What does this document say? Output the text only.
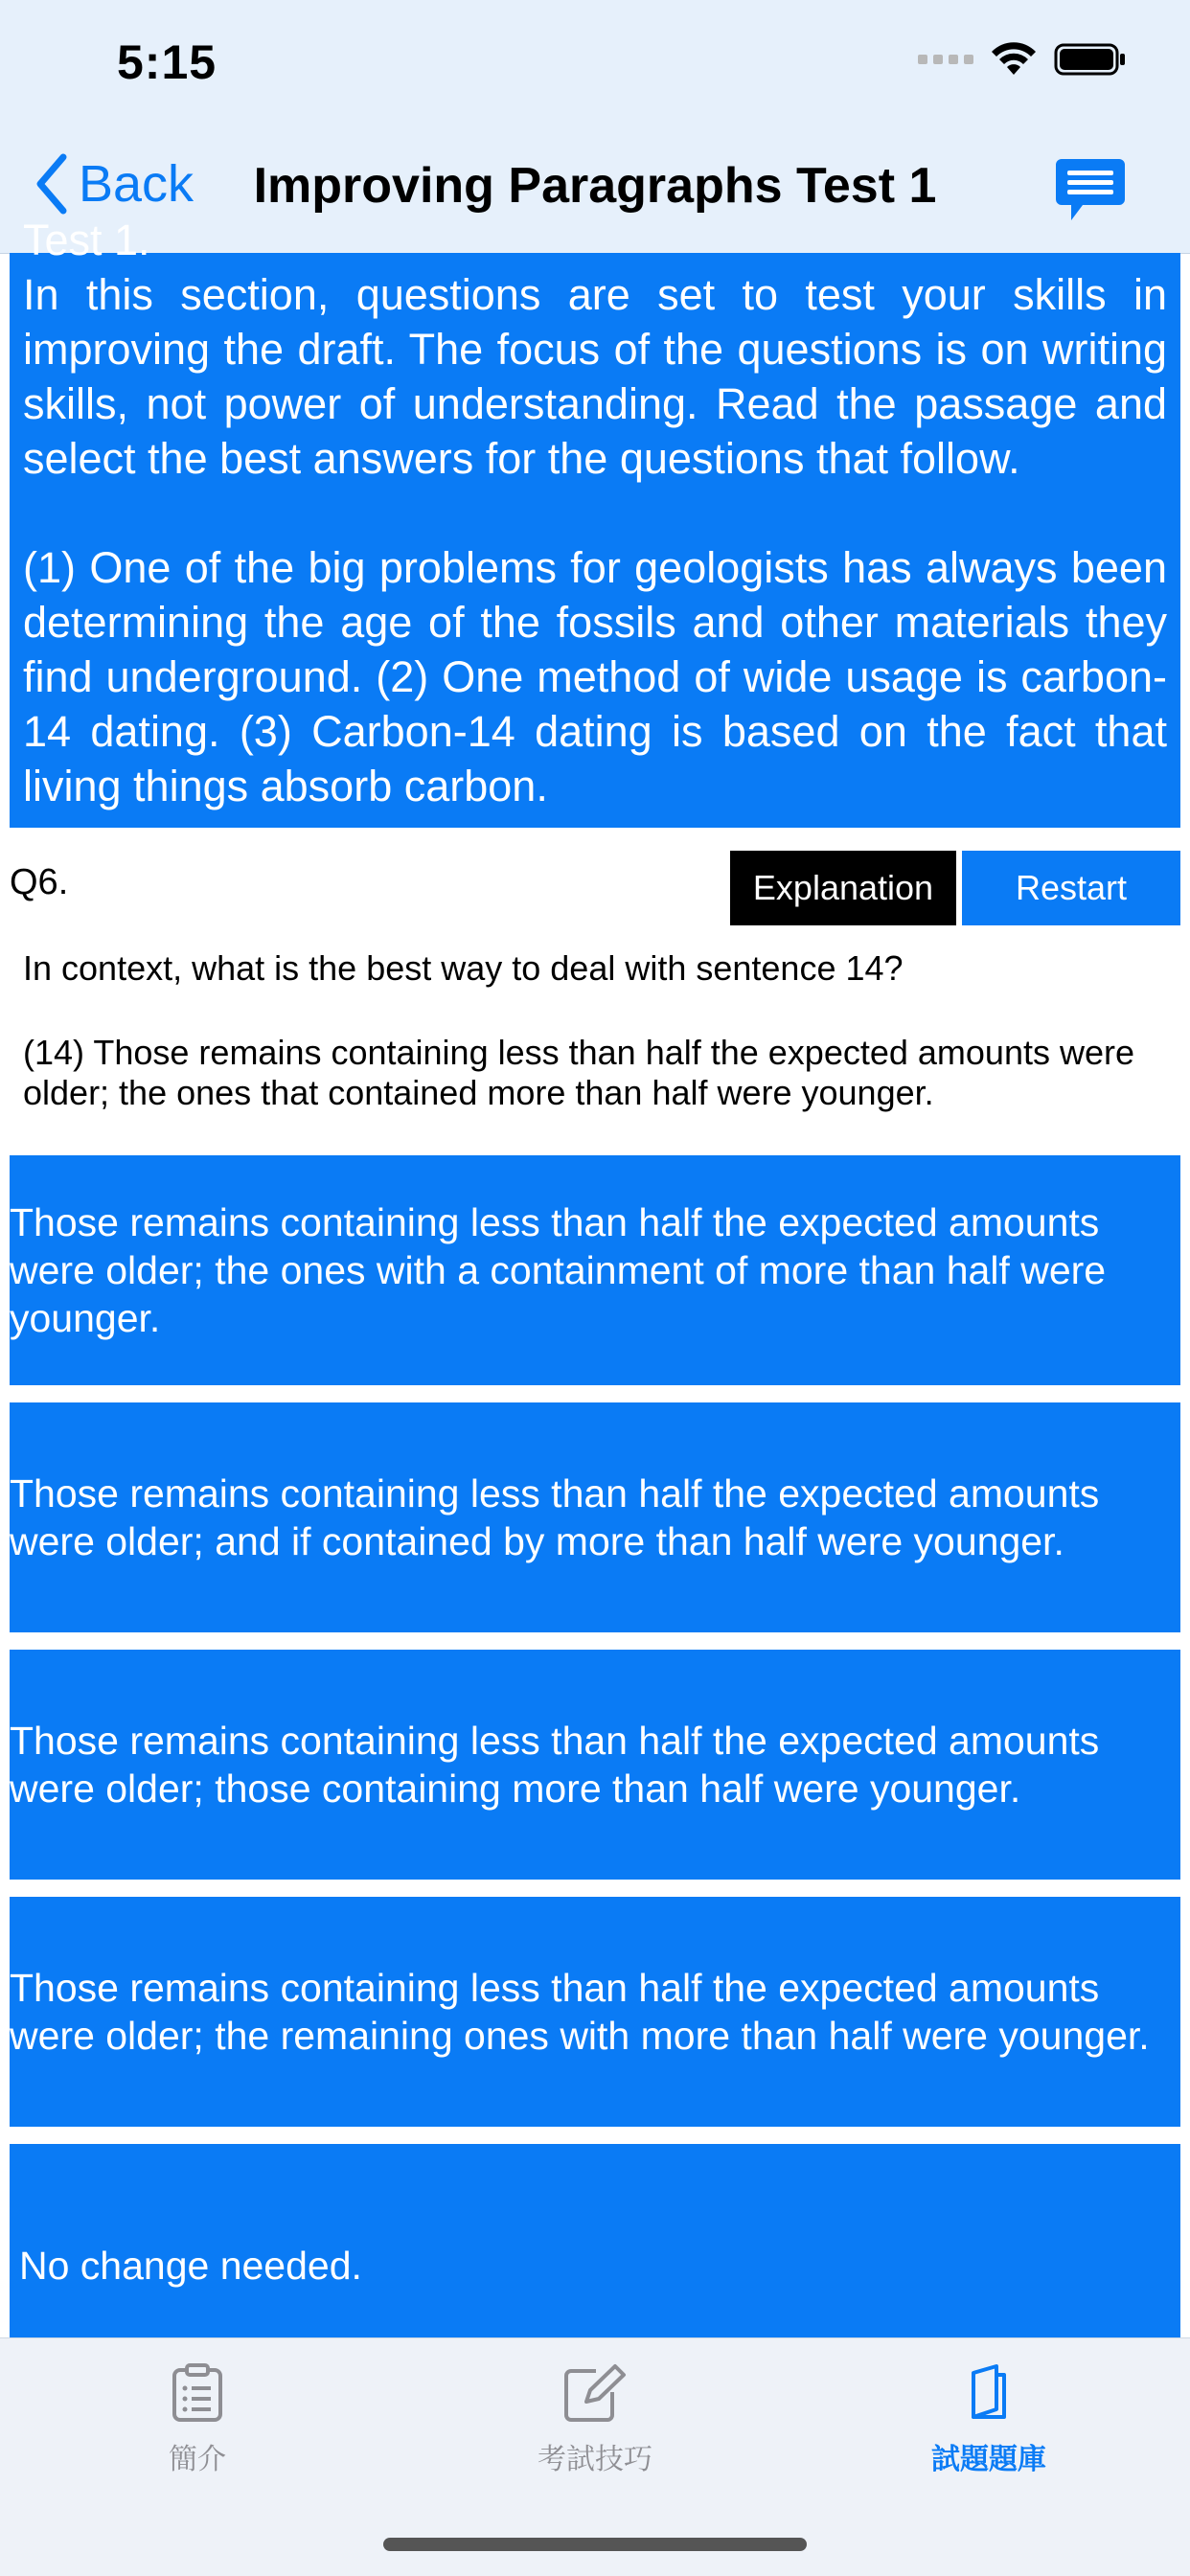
5:15
Back	Improving Paragraphs Test 1

Test 1.

In this section, questions are set to test your skills in improving the draft. The focus of the questions is on writing skills, not power of understanding. Read the passage and select the best answers for the questions that follow.

(1) One of the big problems for geologists has always been determining the age of the fossils and other materials they find underground. (2) One method of wide usage is carbon-14 dating. (3) Carbon-14 dating is based on the fact that living things absorb carbon.

Q6.	Explanation	Restart
In context, what is the best way to deal with sentence 14?
(14) Those remains containing less than half the expected amounts were older; the ones that contained more than half were younger.
Those remains containing less than half the expected amounts were older; the ones with a containment of more than half were younger.
Those remains containing less than half the expected amounts were older; and if contained by more than half were younger.
Those remains containing less than half the expected amounts were older; those containing more than half were younger.
Those remains containing less than half the expected amounts were older; the remaining ones with more than half were younger.
No change needed.
簡介	考試技巧	試題題庫
